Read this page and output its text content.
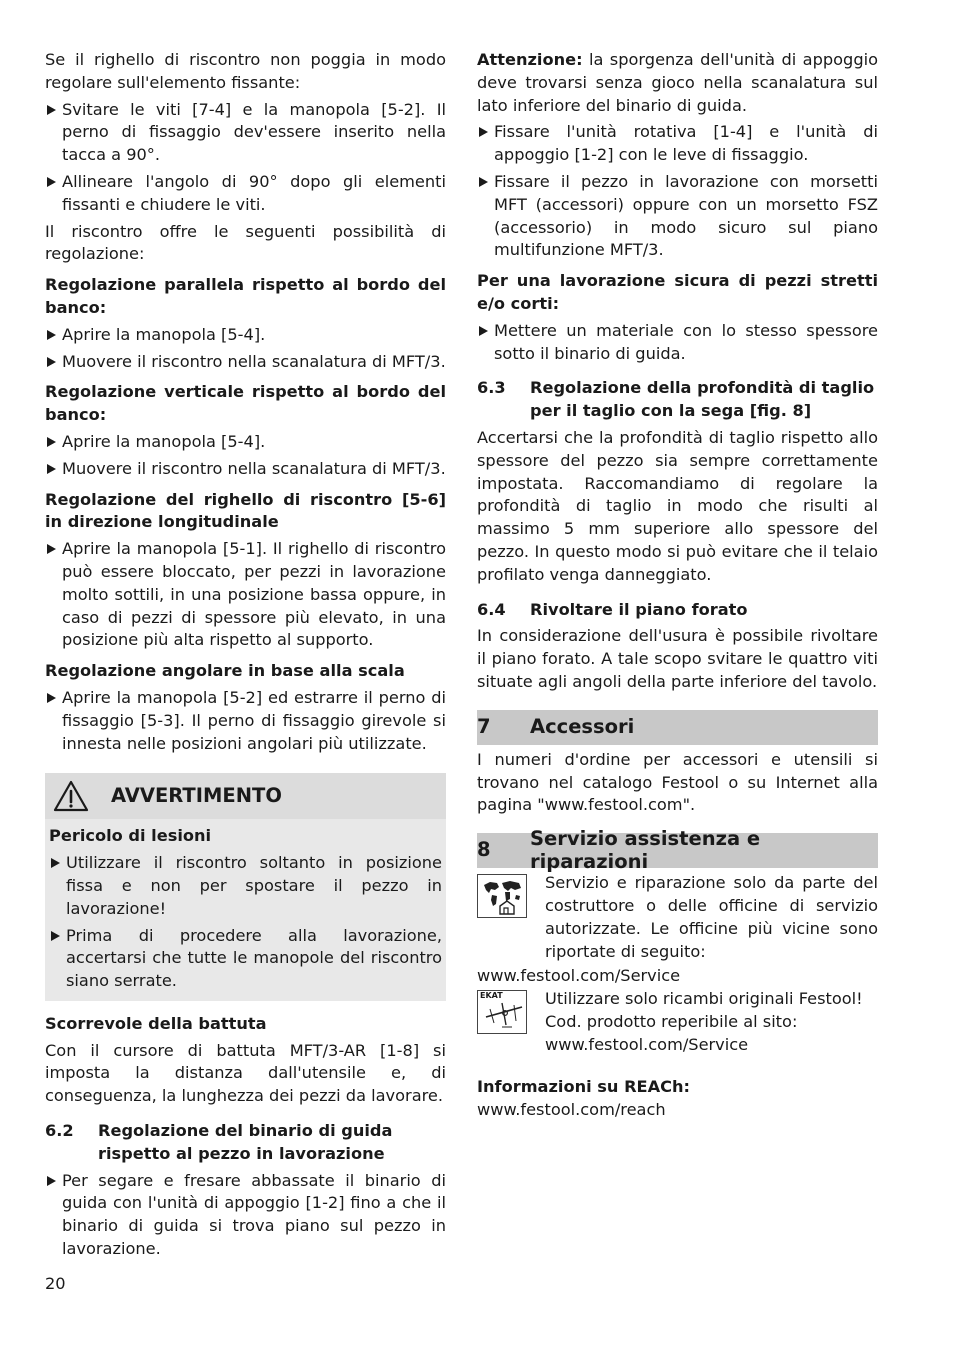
Se il righello di riscontro non poggia in modo regolare sull'elemento fissante:

Svitare le viti [7-4] e la manopola [5-2]. Il perno di fissaggio dev'essere inserito nella tacca a 90°.
Allineare l'angolo di 90° dopo gli elementi fissanti e chiudere le viti.

Il riscontro offre le seguenti possibilità di regolazione:

Regolazione parallela rispetto al bordo del banco:
Aprire la manopola [5-4].
Muovere il riscontro nella scanalatura di MFT/3.
Regolazione verticale rispetto al bordo del banco:
Aprire la manopola [5-4].
Muovere il riscontro nella scanalatura di MFT/3.
Regolazione del righello di riscontro [5-6] in direzione longitudinale
Aprire la manopola [5-1]. Il righello di riscontro può essere bloccato, per pezzi in lavorazione molto sottili, in una posizione bassa oppure, in caso di pezzi di spessore più elevato, in una posizione più alta rispetto al supporto.
Regolazione angolare in base alla scala
Aprire la manopola [5-2] ed estrarre il perno di fissaggio [5-3]. Il perno di fissaggio girevole si innesta nelle posizioni angolari più utilizzate.
AVVERTIMENTO
Pericolo di lesioni
Utilizzare il riscontro soltanto in posizione fissa e non per spostare il pezzo in lavorazione!
Prima di procedere alla lavorazione, accertarsi che tutte le manopole del riscontro siano serrate.
Scorrevole della battuta

Con il cursore di battuta MFT/3-AR [1-8] si imposta la distanza dall'utensile e, di conseguenza, la lunghezza dei pezzi da lavorare.

6.2	Regolazione del binario di guida rispetto al pezzo in lavorazione
Per segare e fresare abbassate il binario di guida con l'unità di appoggio [1-2] fino a che il binario di guida si trova piano sul pezzo in lavorazione.

Attenzione: la sporgenza dell'unità di appoggio deve trovarsi senza gioco nella scanalatura sul lato inferiore del binario di guida.

Fissare l'unità rotativa [1-4] e l'unità di appoggio [1-2] con le leve di fissaggio.
Fissare il pezzo in lavorazione con morsetti MFT (accessori) oppure con un morsetto FSZ (accessorio) in modo sicuro sul piano multifunzione MFT/3.
Per una lavorazione sicura di pezzi stretti e/o corti:
Mettere un materiale con lo stesso spessore sotto il binario di guida.
6.3	Regolazione della profondità di taglio per il taglio con la sega [fig. 8]

Accertarsi che la profondità di taglio rispetto allo spessore del pezzo sia sempre correttamente impostata. Raccomandiamo di regolare la profondità di taglio in modo che risulti al massimo 5 mm superiore allo spessore del pezzo. In questo modo si può evitare che il telaio profilato venga danneggiato.

6.4	Rivoltare il piano forato

In considerazione dell'usura è possibile rivoltare il piano forato. A tale scopo svitare le quattro viti situate agli angoli della parte inferiore del tavolo.

7	Accessori

I numeri d'ordine per accessori e utensili si trovano nel catalogo Festool o su Internet alla pagina "www.festool.com".

8	Servizio assistenza e riparazioni

Servizio e riparazione solo da parte del costruttore o delle officine di servizio autorizzate. Le officine più vicine sono riportate di seguito:

www.festool.com/Service

EKAT	Utilizzare solo ricambi originali Festool! Cod. prodotto reperibile al sito: www.festool.com/Service

Informazioni su REACh:

www.festool.com/reach

20
